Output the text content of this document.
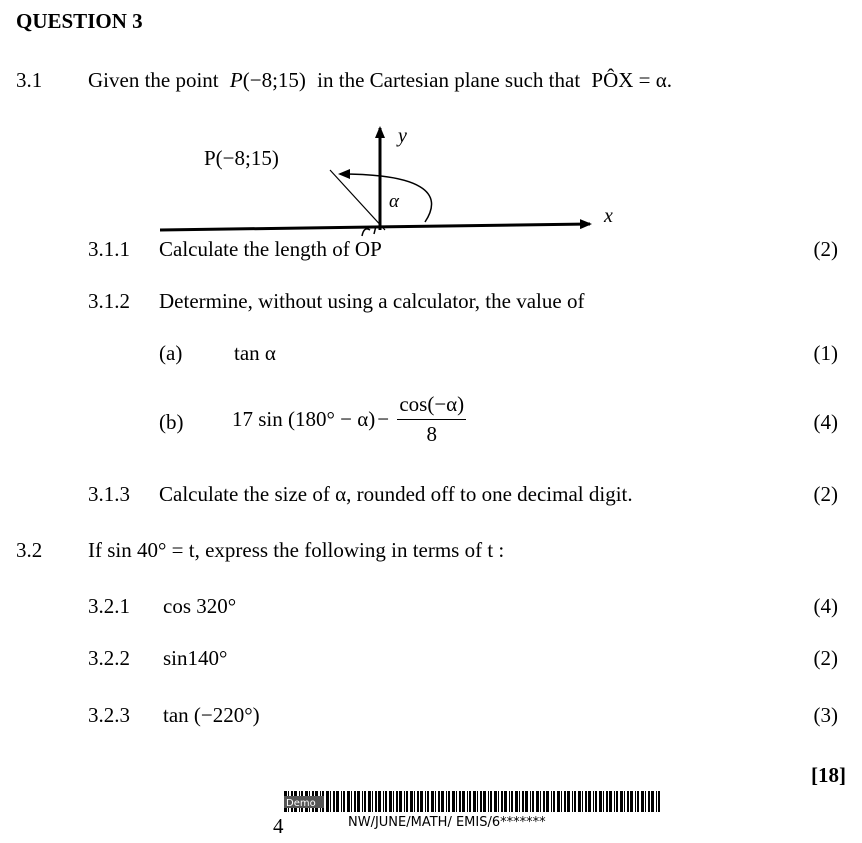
QUESTION 3
3.1 Given the point P(−8;15) in the Cartesian plane such that PÔX = α.
P(−8;15)
y
x
α
3.1.1 Calculate the length of OP	(2)
3.1.2 Determine, without using a calculator, the value of
(a) tan α	(1)
(b) 17 $\sin (180^\circ - \alpha)- \frac{\cos(-\alpha)}{8}$	(4)
3.1.3 Calculate the size of α, rounded off to one decimal digit.	(2)
3.2 If sin 40° = t, express the following in terms of t :
3.2.1 cos 320°	(4)
3.2.2 sin140°	(2)
3.2.3 tan (−220°)	(3)
[18]
Demo
4	NW/JUNE/MATH/ EMIS/6*******
